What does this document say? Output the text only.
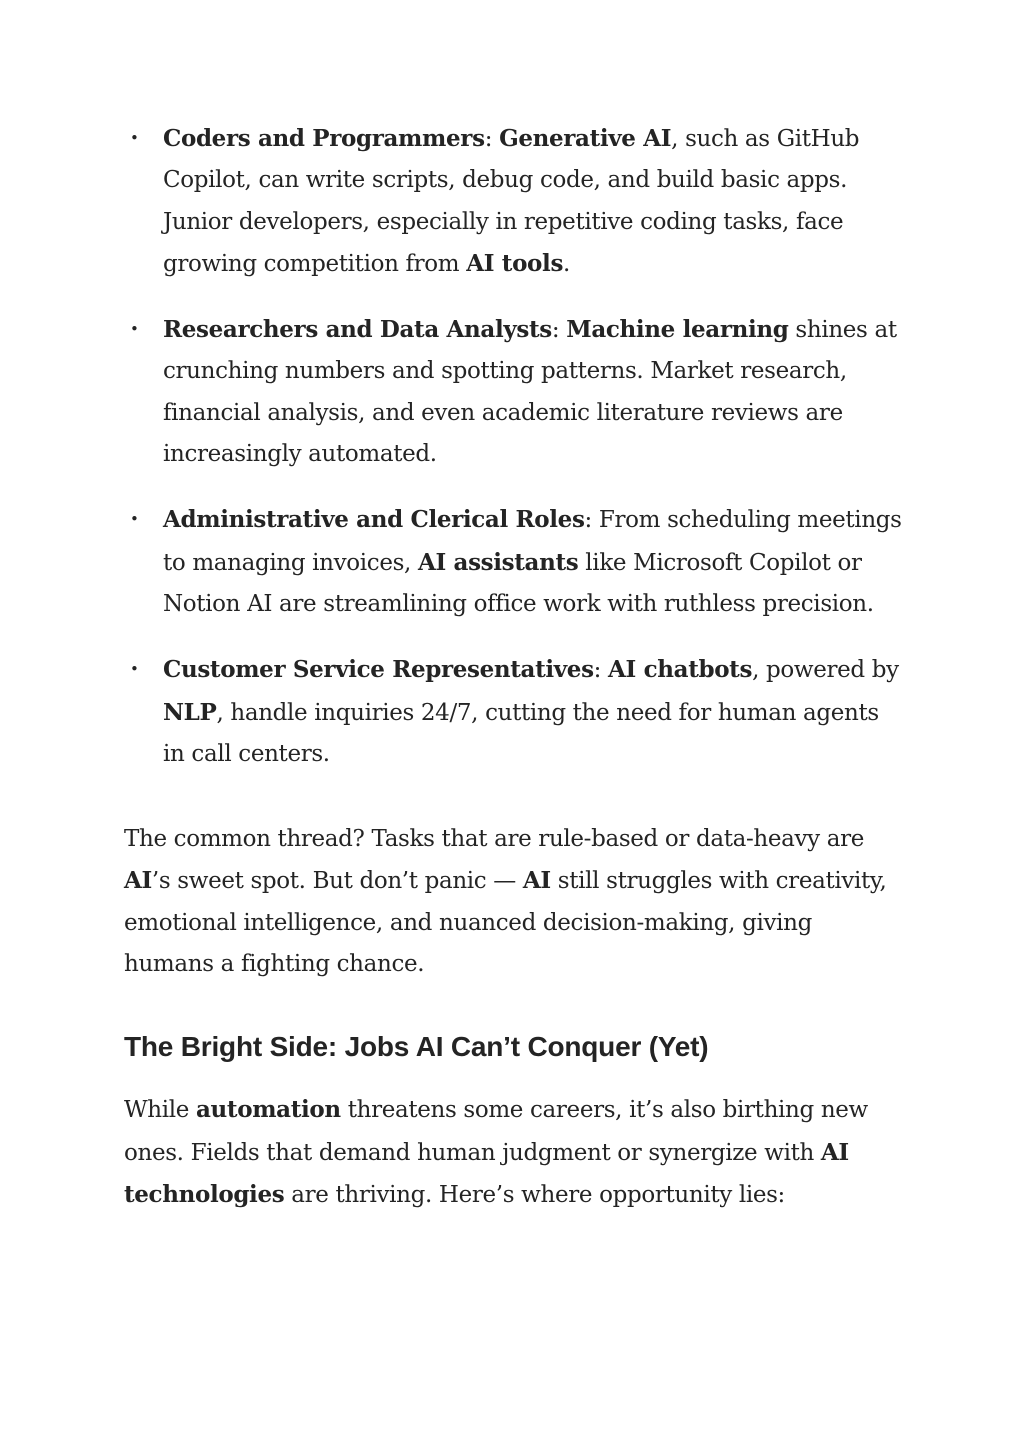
• Coders and Programmers: Generative AI, such as GitHub Copilot, can write scripts, debug code, and build basic apps. Junior developers, especially in repetitive coding tasks, face growing competition from AI tools.
• Researchers and Data Analysts: Machine learning shines at crunching numbers and spotting patterns. Market research, financial analysis, and even academic literature reviews are increasingly automated.
• Administrative and Clerical Roles: From scheduling meetings to managing invoices, AI assistants like Microsoft Copilot or Notion AI are streamlining office work with ruthless precision.
• Customer Service Representatives: AI chatbots, powered by NLP, handle inquiries 24/7, cutting the need for human agents in call centers.

The common thread? Tasks that are rule-based or data-heavy are AI’s sweet spot. But don’t panic — AI still struggles with creativity, emotional intelligence, and nuanced decision-making, giving humans a fighting chance.

The Bright Side: Jobs AI Can’t Conquer (Yet)

While automation threatens some careers, it’s also birthing new ones. Fields that demand human judgment or synergize with AI technologies are thriving. Here’s where opportunity lies:
